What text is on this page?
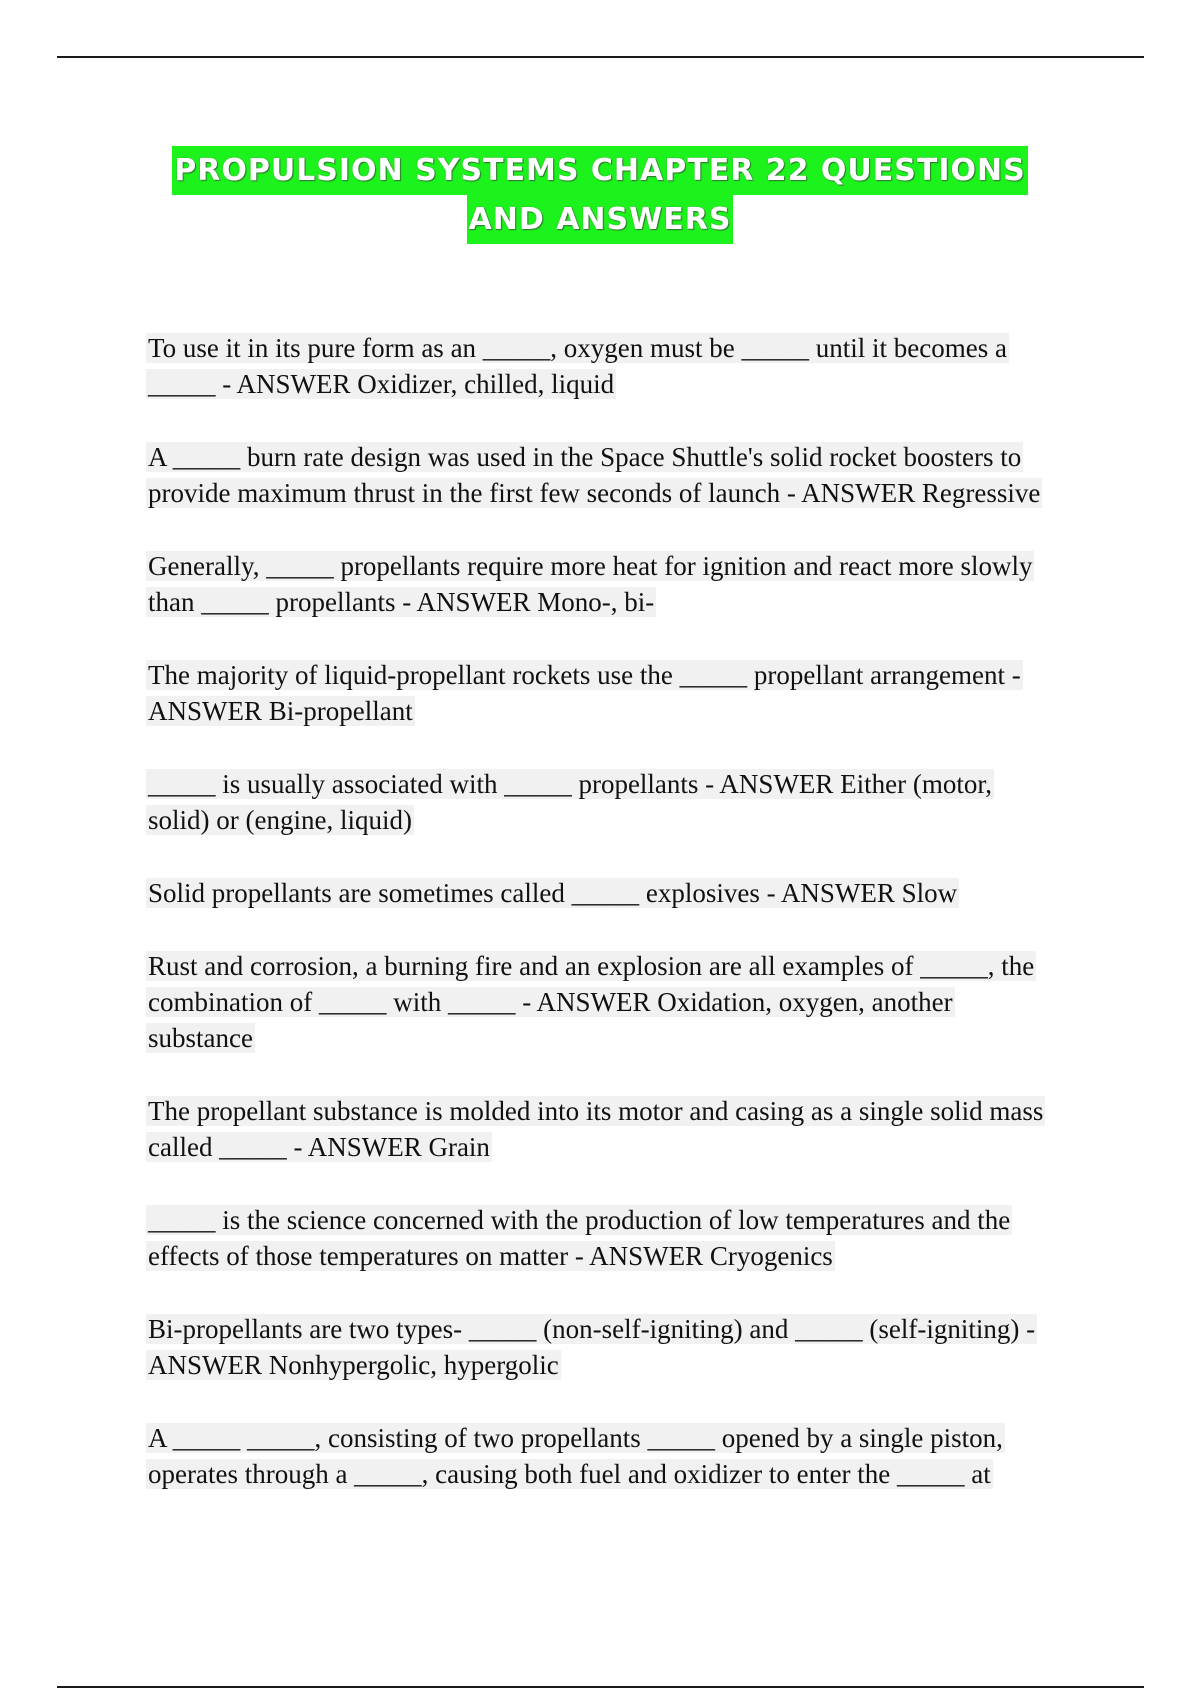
PROPULSION SYSTEMS CHAPTER 22 QUESTIONS
AND ANSWERS
To use it in its pure form as an _____, oxygen must be _____ until it becomes a _____ - ANSWER Oxidizer, chilled, liquid
A _____ burn rate design was used in the Space Shuttle's solid rocket boosters to provide maximum thrust in the first few seconds of launch - ANSWER Regressive
Generally, _____ propellants require more heat for ignition and react more slowly than _____ propellants - ANSWER Mono-, bi-
The majority of liquid-propellant rockets use the _____ propellant arrangement - ANSWER Bi-propellant
_____ is usually associated with _____ propellants - ANSWER Either (motor, solid) or (engine, liquid)
Solid propellants are sometimes called _____ explosives - ANSWER Slow
Rust and corrosion, a burning fire and an explosion are all examples of _____, the combination of _____ with _____ - ANSWER Oxidation, oxygen, another substance
The propellant substance is molded into its motor and casing as a single solid mass called _____ - ANSWER Grain
_____ is the science concerned with the production of low temperatures and the effects of those temperatures on matter - ANSWER Cryogenics
Bi-propellants are two types- _____ (non-self-igniting) and _____ (self-igniting) - ANSWER Nonhypergolic, hypergolic
A _____ _____, consisting of two propellants _____ opened by a single piston, operates through a _____, causing both fuel and oxidizer to enter the _____ at
